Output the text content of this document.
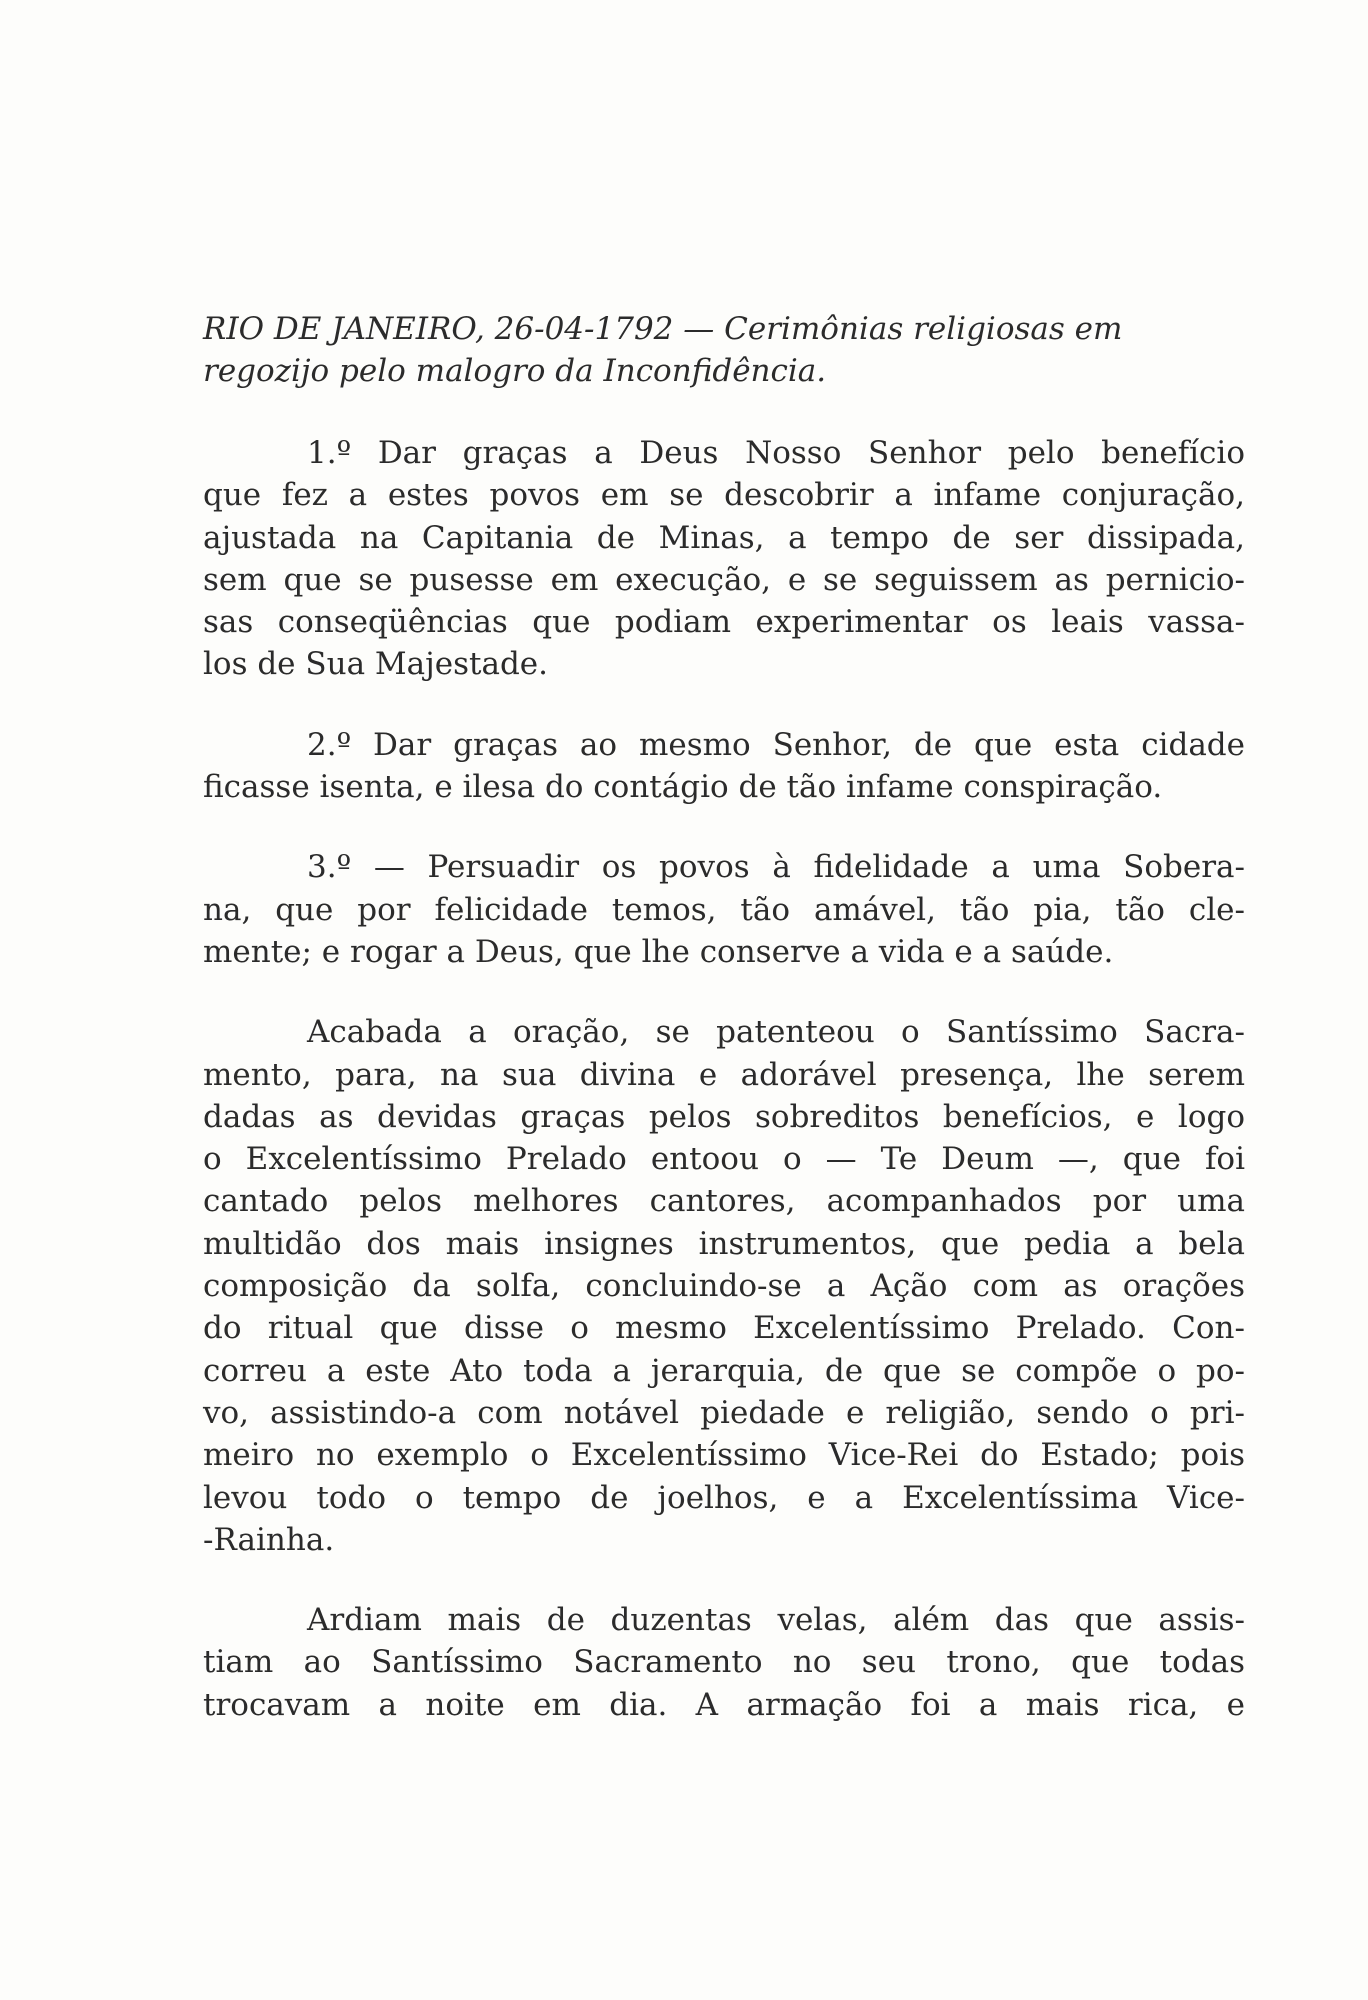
RIO DE JANEIRO, 26-04-1792 — Cerimônias religiosas em
regozijo pelo malogro da Inconfidência.
1.º Dar graças a Deus Nosso Senhor pelo benefício
que fez a estes povos em se descobrir a infame conjuração,
ajustada na Capitania de Minas, a tempo de ser dissipada,
sem que se pusesse em execução, e se seguissem as pernicio-
sas conseqüências que podiam experimentar os leais vassa-
los de Sua Majestade.
2.º Dar graças ao mesmo Senhor, de que esta cidade
ficasse isenta, e ilesa do contágio de tão infame conspiração.
3.º — Persuadir os povos à fidelidade a uma Sobera-
na, que por felicidade temos, tão amável, tão pia, tão cle-
mente; e rogar a Deus, que lhe conserve a vida e a saúde.
Acabada a oração, se patenteou o Santíssimo Sacra-
mento, para, na sua divina e adorável presença, lhe serem
dadas as devidas graças pelos sobreditos benefícios, e logo
o Excelentíssimo Prelado entoou o — Te Deum —, que foi
cantado pelos melhores cantores, acompanhados por uma
multidão dos mais insignes instrumentos, que pedia a bela
composição da solfa, concluindo-se a Ação com as orações
do ritual que disse o mesmo Excelentíssimo Prelado. Con-
correu a este Ato toda a jerarquia, de que se compõe o po-
vo, assistindo-a com notável piedade e religião, sendo o pri-
meiro no exemplo o Excelentíssimo Vice-Rei do Estado; pois
levou todo o tempo de joelhos, e a Excelentíssima Vice-
-Rainha.
Ardiam mais de duzentas velas, além das que assis-
tiam ao Santíssimo Sacramento no seu trono, que todas
trocavam a noite em dia. A armação foi a mais rica, e
